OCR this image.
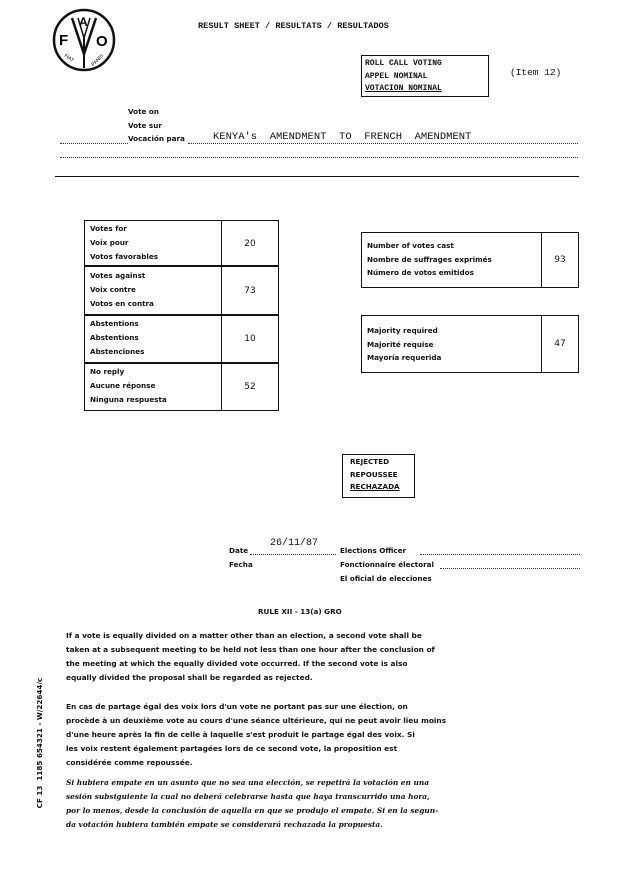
F
A
O
FIAT	PANIS
RESULT SHEET / RESULTATS / RESULTADOS
ROLL CALL VOTING
APPEL NOMINAL
VOTACION NOMINAL
(Item 12)
Vote on
Vote sur
Vocación para	KENYA's  AMENDMENT  TO  FRENCH  AMENDMENT
Votes for
Voix pour
Votos favorables
20
Votes against
Voix contre
Votos en contra
73
Abstentions
Abstentions
Abstenciones
10
No reply
Aucune réponse
Ninguna respuesta
52
Number of votes cast
Nombre de suffrages exprimés
Número de votos emitidos
93
Majority required
Majorité requise
Mayoría requerida
47
REJECTED
REPOUSSEE
RECHAZADA
Date
26/11/87
Fecha
Elections Officer
Fonctionnaire électoral
El oficial de elecciones
RULE XII - 13(a) GRO
If a vote is equally divided on a matter other than an election, a second vote shall be
taken at a subsequent meeting to be held not less than one hour after the conclusion of
the meeting at which the equally divided vote occurred. If the second vote is also
equally divided the proposal shall be regarded as rejected.
En cas de partage égal des voix lors d'un vote ne portant pas sur une élection, on
procède à un deuxième vote au cours d'une séance ultérieure, qui ne peut avoir lieu moins
d'une heure après la fin de celle à laquelle s'est produit le partage égal des voix. Si
les voix restent également partagées lors de ce second vote, la proposition est
considérée comme repoussée.
Si hubiera empate en un asunto que no sea una elección, se repetirá la votación en una
sesión subsiguiente la cual no deberá celebrarse hasta que haya transcurrido una hora,
por lo menos, desde la conclusión de aquella en que se produjo el empate. Si en la segun-
da votación hubiera también empate se considerará rechazada la propuesta.
CF 13  1185 654321 - W/22644/c
